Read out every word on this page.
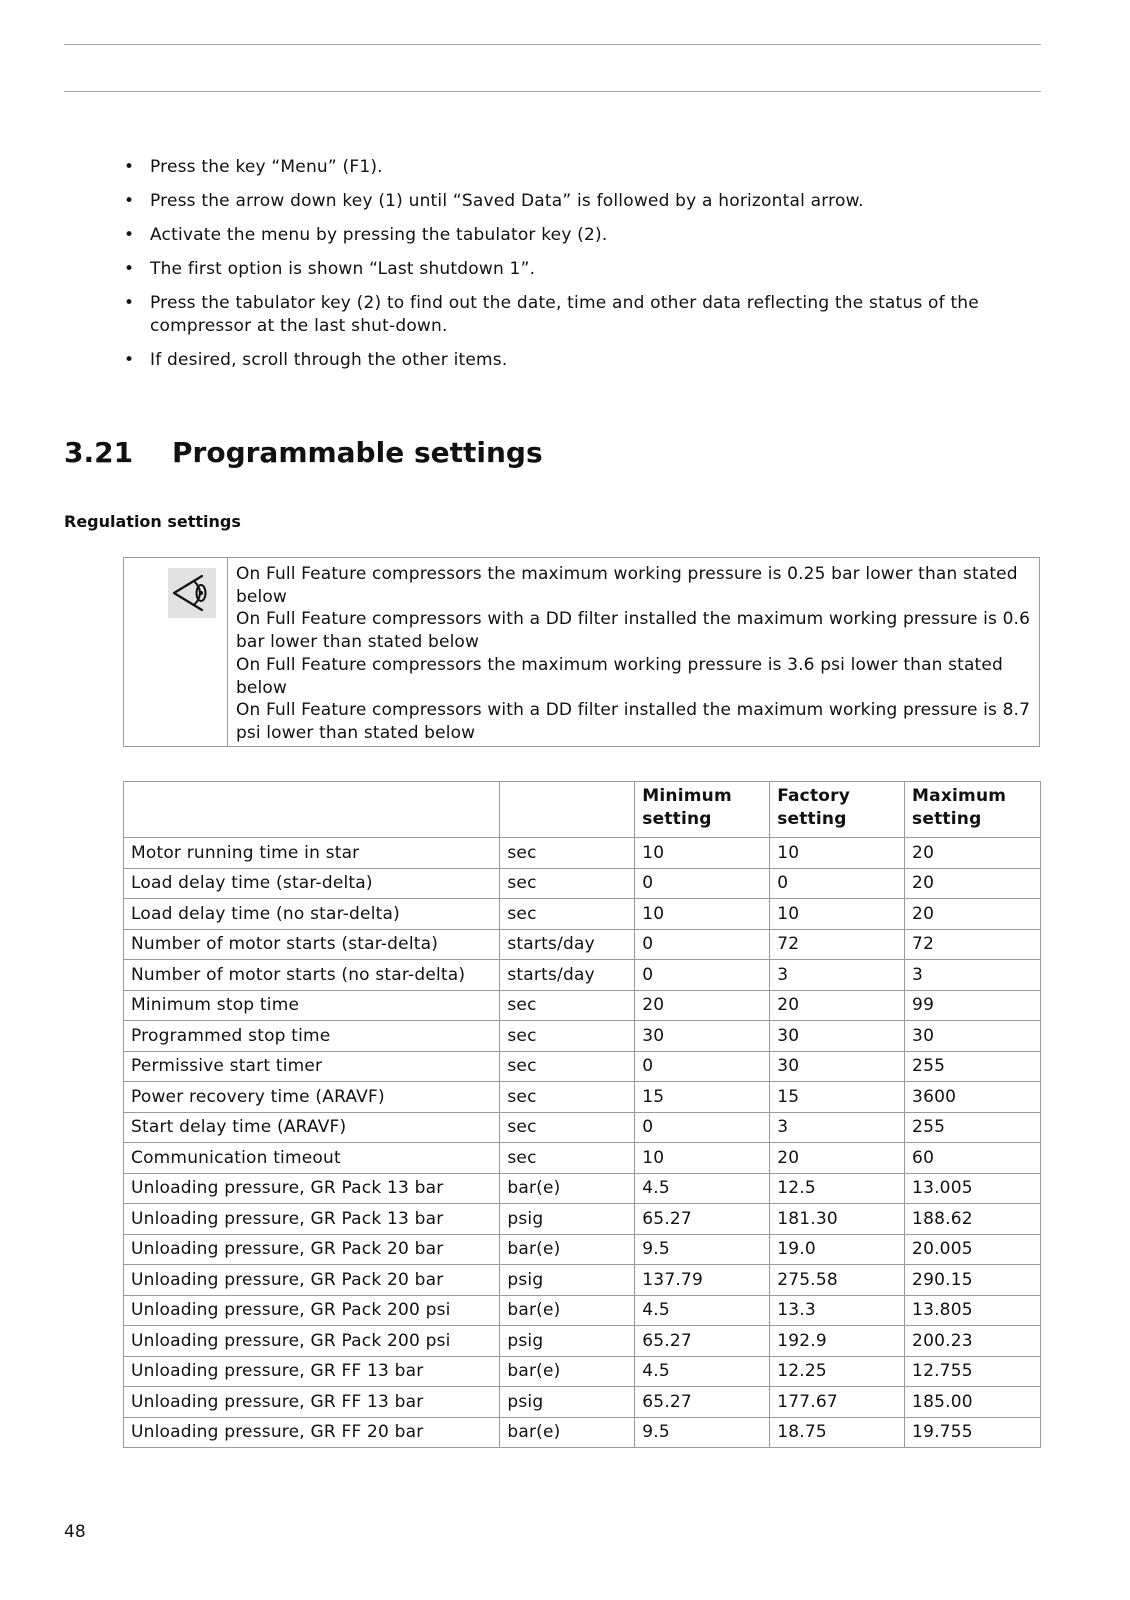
• Press the key “Menu” (F1).
• Press the arrow down key (1) until “Saved Data” is followed by a horizontal arrow.
• Activate the menu by pressing the tabulator key (2).
• The first option is shown “Last shutdown 1”.
• Press the tabulator key (2) to find out the date, time and other data reflecting the status of the compressor at the last shut-down.
• If desired, scroll through the other items.
3.21 Programmable settings
Regulation settings

On Full Feature compressors the maximum working pressure is 0.25 bar lower than stated below

On Full Feature compressors with a DD filter installed the maximum working pressure is 0.6 bar lower than stated below

On Full Feature compressors the maximum working pressure is 3.6 psi lower than stated below

On Full Feature compressors with a DD filter installed the maximum working pressure is 8.7 psi lower than stated below

		Minimum setting	Factory setting	Maximum setting
Motor running time in star	sec	10	10	20
Load delay time (star-delta)	sec	0	0	20
Load delay time (no star-delta)	sec	10	10	20
Number of motor starts (star-delta)	starts/day	0	72	72
Number of motor starts (no star-delta)	starts/day	0	3	3
Minimum stop time	sec	20	20	99
Programmed stop time	sec	30	30	30
Permissive start timer	sec	0	30	255
Power recovery time (ARAVF)	sec	15	15	3600
Start delay time (ARAVF)	sec	0	3	255
Communication timeout	sec	10	20	60
Unloading pressure, GR Pack 13 bar	bar(e)	4.5	12.5	13.005
Unloading pressure, GR Pack 13 bar	psig	65.27	181.30	188.62
Unloading pressure, GR Pack 20 bar	bar(e)	9.5	19.0	20.005
Unloading pressure, GR Pack 20 bar	psig	137.79	275.58	290.15
Unloading pressure, GR Pack 200 psi	bar(e)	4.5	13.3	13.805
Unloading pressure, GR Pack 200 psi	psig	65.27	192.9	200.23
Unloading pressure, GR FF 13 bar	bar(e)	4.5	12.25	12.755
Unloading pressure, GR FF 13 bar	psig	65.27	177.67	185.00
Unloading pressure, GR FF 20 bar	bar(e)	9.5	18.75	19.755
48
